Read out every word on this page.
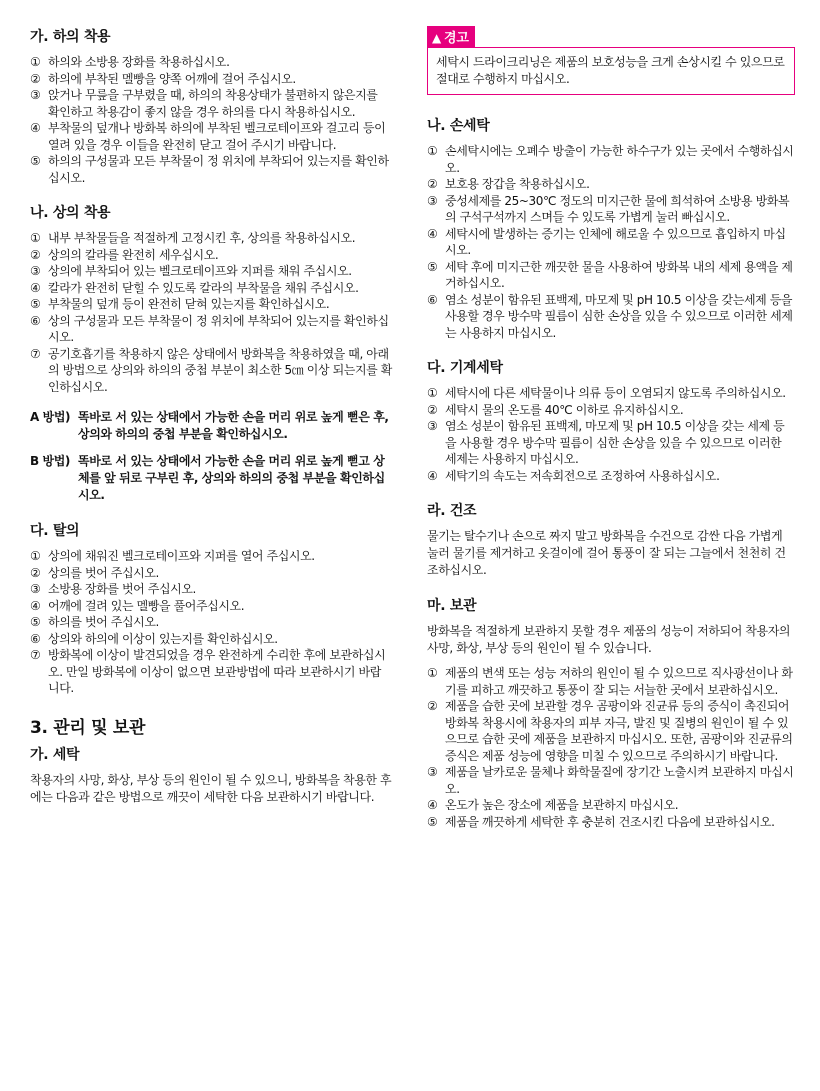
가. 하의 착용
① 하의와 소방용 장화를 착용하십시오.
② 하의에 부착된 멜빵을 양쪽 어깨에 걸어 주십시오.
③ 앉거나 무릎을 구부렸을 때, 하의의 착용상태가 불편하지 않은지를 확인하고 착용감이 좋지 않을 경우 하의를 다시 착용하십시오.
④ 부착물의 덮개나 방화복 하의에 부착된 벨크로테이프와 걸고리 등이 열려 있을 경우 이들을 완전히 닫고 걸어 주시기 바랍니다.
⑤ 하의의 구성물과 모든 부착물이 정 위치에 부착되어 있는지를 확인하십시오.
나. 상의 착용
① 내부 부착물들을 적절하게 고정시킨 후, 상의를 착용하십시오.
② 상의의 칼라를 완전히 세우십시오.
③ 상의에 부착되어 있는 벨크로테이프와 지퍼를 채워 주십시오.
④ 칼라가 완전히 닫힐 수 있도록 칼라의 부착물을 채워 주십시오.
⑤ 부착물의 덮개 등이 완전히 닫혀 있는지를 확인하십시오.
⑥ 상의 구성물과 모든 부착물이 정 위치에 부착되어 있는지를 확인하십시오.
⑦ 공기호흡기를 착용하지 않은 상태에서 방화복을 착용하였을 때, 아래의 방법으로 상의와 하의의 중첩 부분이 최소한 5㎝ 이상 되는지를 확인하십시오.
A 방법) 똑바로 서 있는 상태에서 가능한 손을 머리 위로 높게 뻗은 후, 상의와 하의의 중첩 부분을 확인하십시오.
B 방법) 똑바로 서 있는 상태에서 가능한 손을 머리 위로 높게 뻗고 상체를 앞 뒤로 구부린 후, 상의와 하의의 중첩 부분을 확인하십시오.
다. 탈의
① 상의에 채워진 벨크로테이프와 지퍼를 열어 주십시오.
② 상의를 벗어 주십시오.
③ 소방용 장화를 벗어 주십시오.
④ 어깨에 걸려 있는 멜빵을 풀어주십시오.
⑤ 하의를 벗어 주십시오.
⑥ 상의와 하의에 이상이 있는지를 확인하십시오.
⑦ 방화복에 이상이 발견되었을 경우 완전하게 수리한 후에 보관하십시오. 만일 방화복에 이상이 없으면 보관방법에 따라 보관하시기 바랍니다.
3. 관리 및 보관
가. 세탁

착용자의 사망, 화상, 부상 등의 원인이 될 수 있으니, 방화복을 착용한 후에는 다음과 같은 방법으로 깨끗이 세탁한 다음 보관하시기 바랍니다.

▲ 경고
세탁시 드라이크리닝은 제품의 보호성능을 크게 손상시킬 수 있으므로 절대로 수행하지 마십시오.
나. 손세탁
① 손세탁시에는 오폐수 방출이 가능한 하수구가 있는 곳에서 수행하십시오.
② 보호용 장갑을 착용하십시오.
③ 중성세제를 25~30℃ 정도의 미지근한 물에 희석하여 소방용 방화복의 구석구석까지 스며들 수 있도록 가볍게 눌러 빠십시오.
④ 세탁시에 발생하는 증기는 인체에 해로울 수 있으므로 흡입하지 마십시오.
⑤ 세탁 후에 미지근한 깨끗한 물을 사용하여 방화복 내의 세제 용액을 제거하십시오.
⑥ 염소 성분이 함유된 표백제, 마모제 및 pH 10.5 이상을 갖는세제 등을 사용할 경우 방수막 필름이 심한 손상을 있을 수 있으므로 이러한 세제는 사용하지 마십시오.
다. 기계세탁
① 세탁시에 다른 세탁물이나 의류 등이 오염되지 않도록 주의하십시오.
② 세탁시 물의 온도를 40℃ 이하로 유지하십시오.
③ 염소 성분이 함유된 표백제, 마모제 및 pH 10.5 이상을 갖는 세제 등을 사용할 경우 방수막 필름이 심한 손상을 있을 수 있으므로 이러한 세제는 사용하지 마십시오.
④ 세탁기의 속도는 저속회전으로 조정하여 사용하십시오.
라. 건조

물기는 탈수기나 손으로 짜지 말고 방화복을 수건으로 감싼 다음 가볍게 눌러 물기를 제거하고 옷걸이에 걸어 통풍이 잘 되는 그늘에서 천천히 건조하십시오.

마. 보관

방화복을 적절하게 보관하지 못할 경우 제품의 성능이 저하되어 착용자의 사망, 화상, 부상 등의 원인이 될 수 있습니다.

① 제품의 변색 또는 성능 저하의 원인이 될 수 있으므로 직사광선이나 화기를 피하고 깨끗하고 통풍이 잘 되는 서늘한 곳에서 보관하십시오.
② 제품을 습한 곳에 보관할 경우 곰팡이와 진균류 등의 증식이 촉진되어 방화복 착용시에 착용자의 피부 자극, 발진 및 질병의 원인이 될 수 있으므로 습한 곳에 제품을 보관하지 마십시오. 또한, 곰팡이와 진균류의 증식은 제품 성능에 영향을 미칠 수 있으므로 주의하시기 바랍니다.
③ 제품을 날카로운 물체나 화학물질에 장기간 노출시켜 보관하지 마십시오.
④ 온도가 높은 장소에 제품을 보관하지 마십시오.
⑤ 제품을 깨끗하게 세탁한 후 충분히 건조시킨 다음에 보관하십시오.
